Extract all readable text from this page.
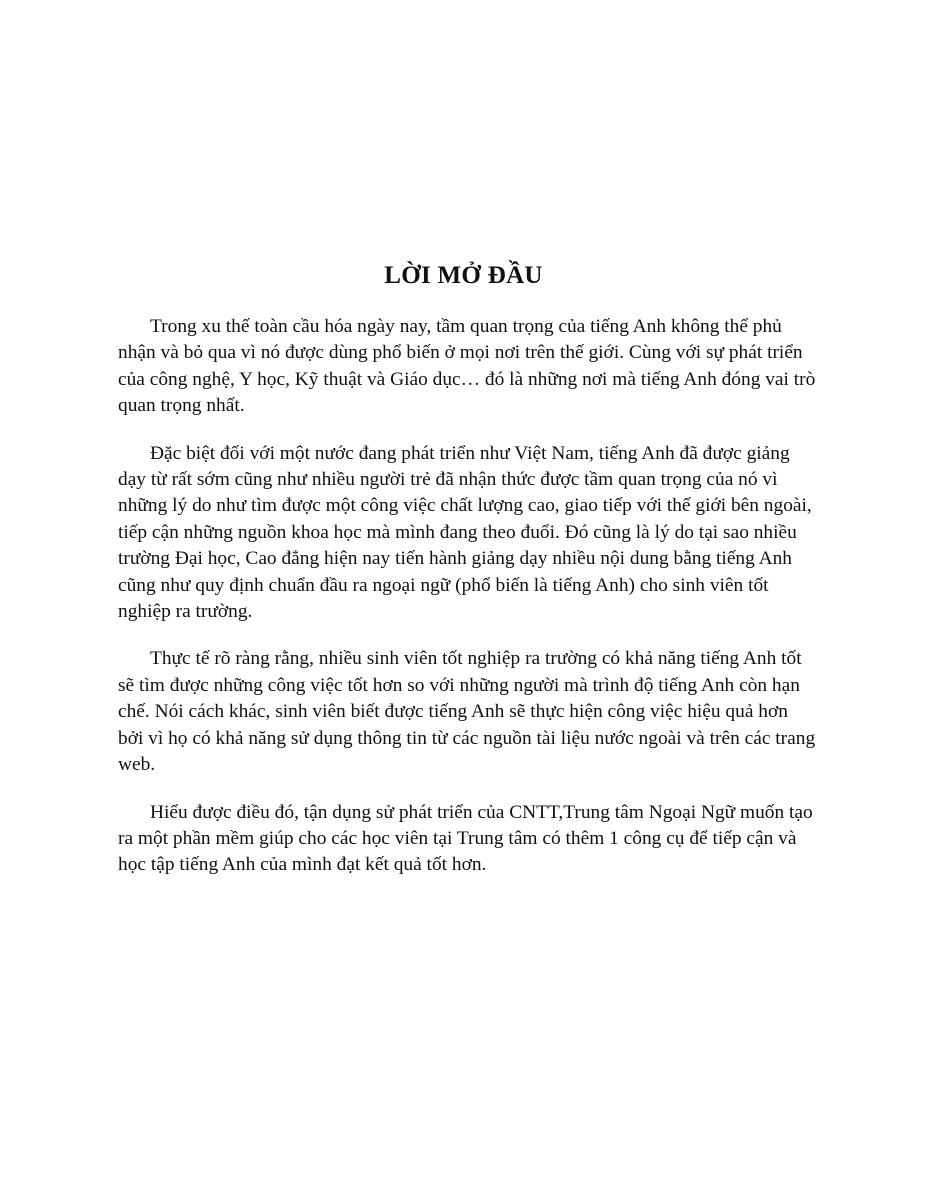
LỜI MỞ ĐẦU

Trong xu thế toàn cầu hóa ngày nay, tầm quan trọng của tiếng Anh không thể phủ nhận và bỏ qua vì nó được dùng phổ biến ở mọi nơi trên thế giới. Cùng với sự phát triển của công nghệ, Y học, Kỹ thuật và Giáo dục… đó là những nơi mà tiếng Anh đóng vai trò quan trọng nhất.

Đặc biệt đối với một nước đang phát triển như Việt Nam, tiếng Anh đã được giảng dạy từ rất sớm cũng như nhiều người trẻ đã nhận thức được tầm quan trọng của nó vì những lý do như tìm được một công việc chất lượng cao, giao tiếp với thế giới bên ngoài, tiếp cận những nguồn khoa học mà mình đang theo đuổi. Đó cũng là lý do tại sao nhiều trường Đại học, Cao đẳng hiện nay tiến hành giảng dạy nhiều nội dung bằng tiếng Anh cũng như quy định chuẩn đầu ra ngoại ngữ (phổ biến là tiếng Anh) cho sinh viên tốt nghiệp ra trường.

Thực tế rõ ràng rằng, nhiều sinh viên tốt nghiệp ra trường có khả năng tiếng Anh tốt sẽ tìm được những công việc tốt hơn so với những người mà trình độ tiếng Anh còn hạn chế. Nói cách khác, sinh viên biết được tiếng Anh sẽ thực hiện công việc hiệu quả hơn bởi vì họ có khả năng sử dụng thông tin từ các nguồn tài liệu nước ngoài và trên các trang web.

Hiểu được điều đó, tận dụng sử phát triển của CNTT,Trung tâm Ngoại Ngữ muốn tạo ra một phần mềm giúp cho các học viên tại Trung tâm có thêm 1 công cụ để tiếp cận và học tập tiếng Anh của mình đạt kết quả tốt hơn.
